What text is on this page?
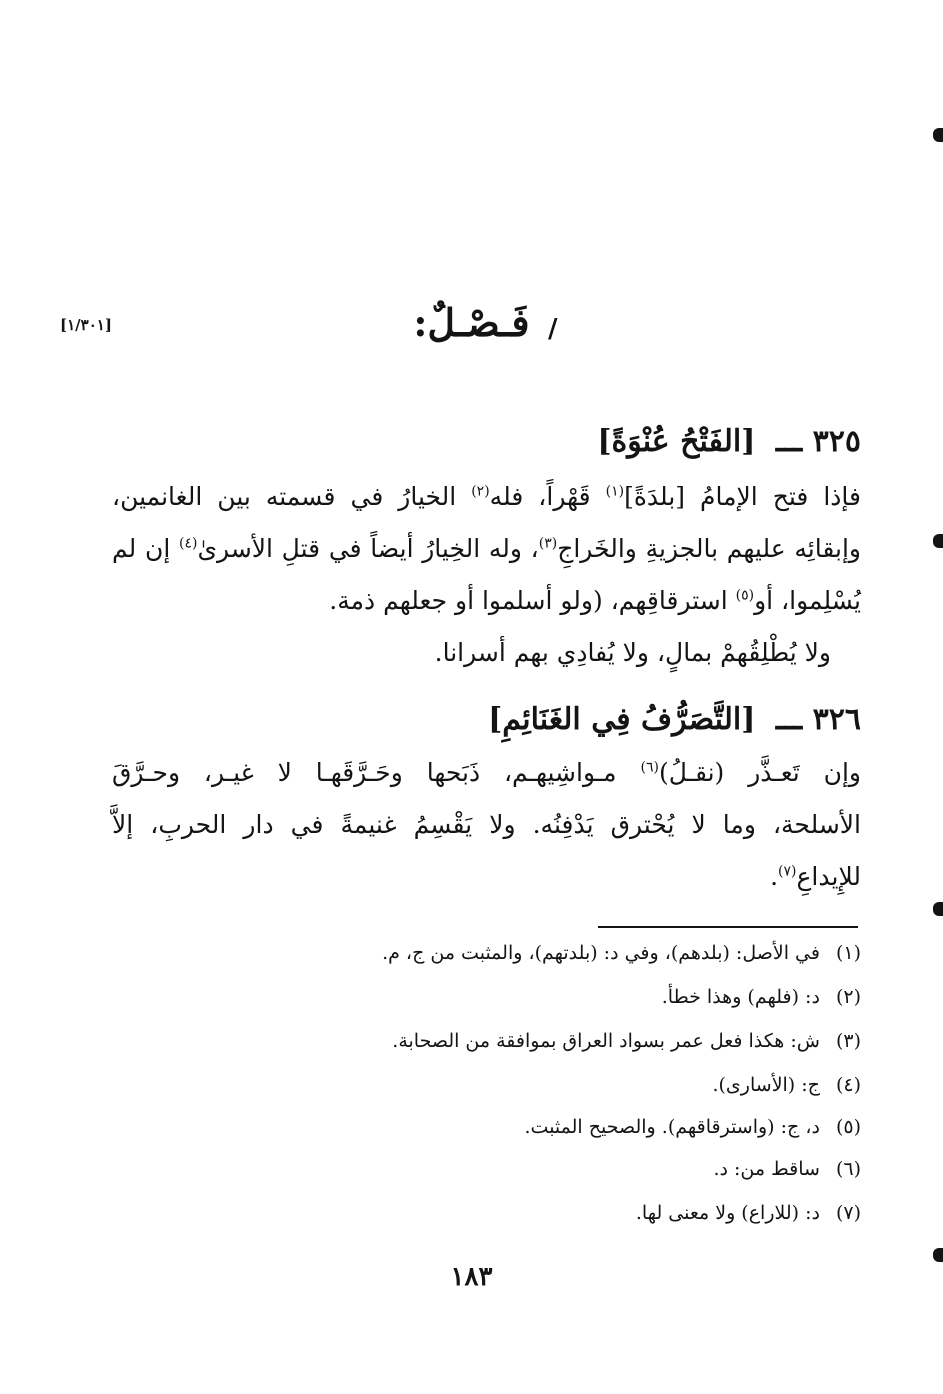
/
فَـصْـلٌ:
[١/٣٠١]
٣٢٥ ـــ [الفَتْحُ عُنْوَةً]
فإذا فتح الإمامُ [بلدَةً]$^{(١)}$ قَهْراً، فله$^{(٢)}$ الخيارُ في قسمته بين الغانمين،
وإبقائِه عليهم بالجزيةِ والخَراجِ$^{(٣)}$، وله الخِيارُ أيضاً في قتلِ الأسرىٰ$^{(٤)}$ إن لم
يُسْلِموا، أو$^{(٥)}$ استرقاقِهم، (ولو أسلموا أو جعلهم ذمة.
ولا يُطْلِقُهمْ بمالٍ، ولا يُفادِي بهم أسرانا.
٣٢٦ ـــ [التَّصَرُّفُ فِي الغَنَائِمِ]
وإن تَعـذَّر (نقـلُ)$^{(٦)}$ مـواشِيهـم، ذَبَحها وحَـرَّقَهـا لا غيـر، وحـرَّقَ
الأسلحة، وما لا يُحْترق يَدْفِنُه. ولا يَقْسِمُ غنيمةً في دار الحربِ، إلاَّ
للإِيداعِ$^{(٧)}$.
(١)في الأصل: (بلدهم)، وفي د: (بلدتهم)، والمثبت من ج، م.
(٢)د: (فلهم) وهذا خطأ.
(٣)ش: هكذا فعل عمر بسواد العراق بموافقة من الصحابة.
(٤)ج: (الأسارى).
(٥)د، ج: (واسترقاقهم). والصحيح المثبت.
(٦)ساقط من: د.
(٧)د: (للاراع) ولا معنى لها.
١٨٣
